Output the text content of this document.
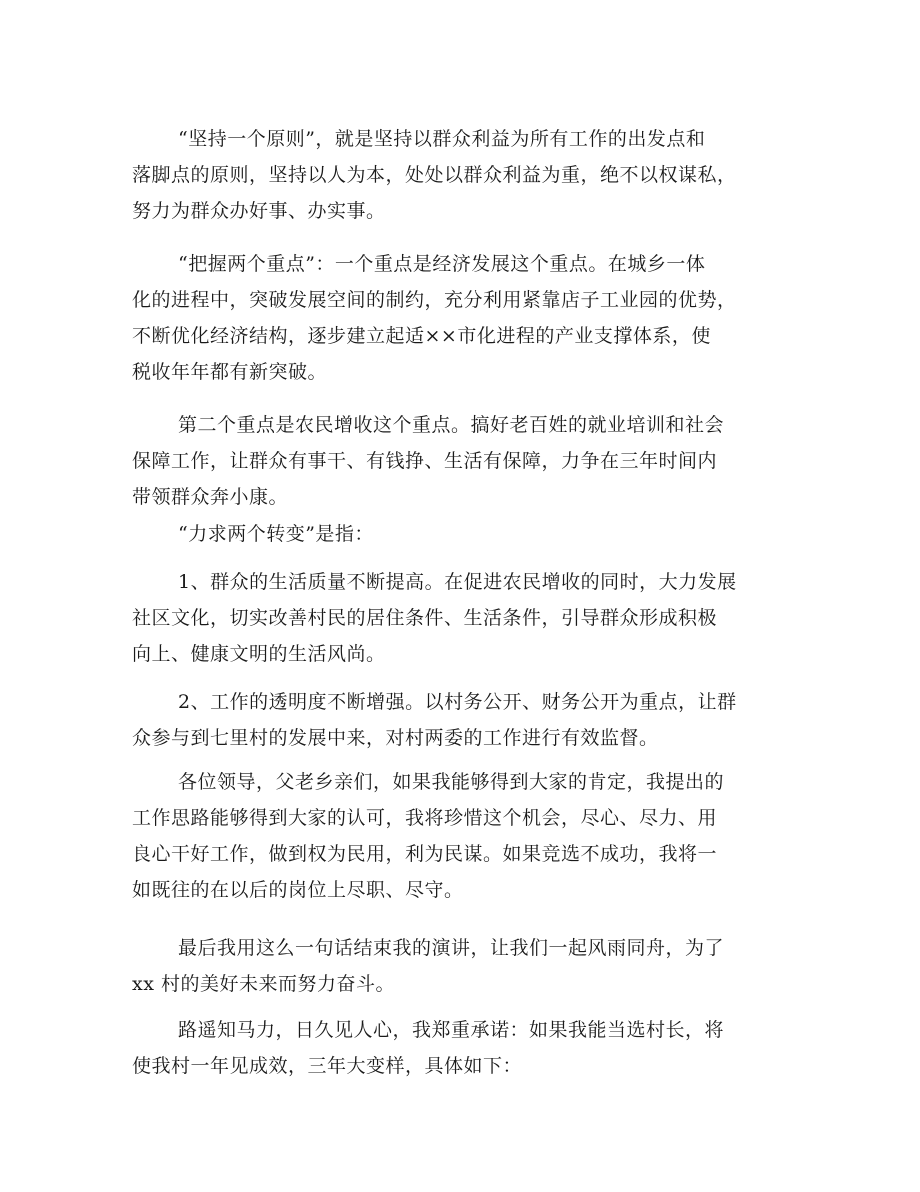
“坚持一个原则”，就是坚持以群众利益为所有工作的出发点和
落脚点的原则，坚持以人为本，处处以群众利益为重，绝不以权谋私，
努力为群众办好事、办实事。

“把握两个重点”：一个重点是经济发展这个重点。在城乡一体
化的进程中，突破发展空间的制约，充分利用紧靠店子工业园的优势，
不断优化经济结构，逐步建立起适××市化进程的产业支撑体系，使
税收年年都有新突破。

第二个重点是农民增收这个重点。搞好老百姓的就业培训和社会
保障工作，让群众有事干、有钱挣、生活有保障，力争在三年时间内
带领群众奔小康。

“力求两个转变”是指：

1、群众的生活质量不断提高。在促进农民增收的同时，大力发展
社区文化，切实改善村民的居住条件、生活条件，引导群众形成积极
向上、健康文明的生活风尚。

2、工作的透明度不断增强。以村务公开、财务公开为重点，让群
众参与到七里村的发展中来，对村两委的工作进行有效监督。

各位领导，父老乡亲们，如果我能够得到大家的肯定，我提出的
工作思路能够得到大家的认可，我将珍惜这个机会，尽心、尽力、用
良心干好工作，做到权为民用，利为民谋。如果竞选不成功，我将一
如既往的在以后的岗位上尽职、尽守。

最后我用这么一句话结束我的演讲，让我们一起风雨同舟，为了
xx 村的美好未来而努力奋斗。

路遥知马力，日久见人心，我郑重承诺：如果我能当选村长，将
使我村一年见成效，三年大变样，具体如下：
